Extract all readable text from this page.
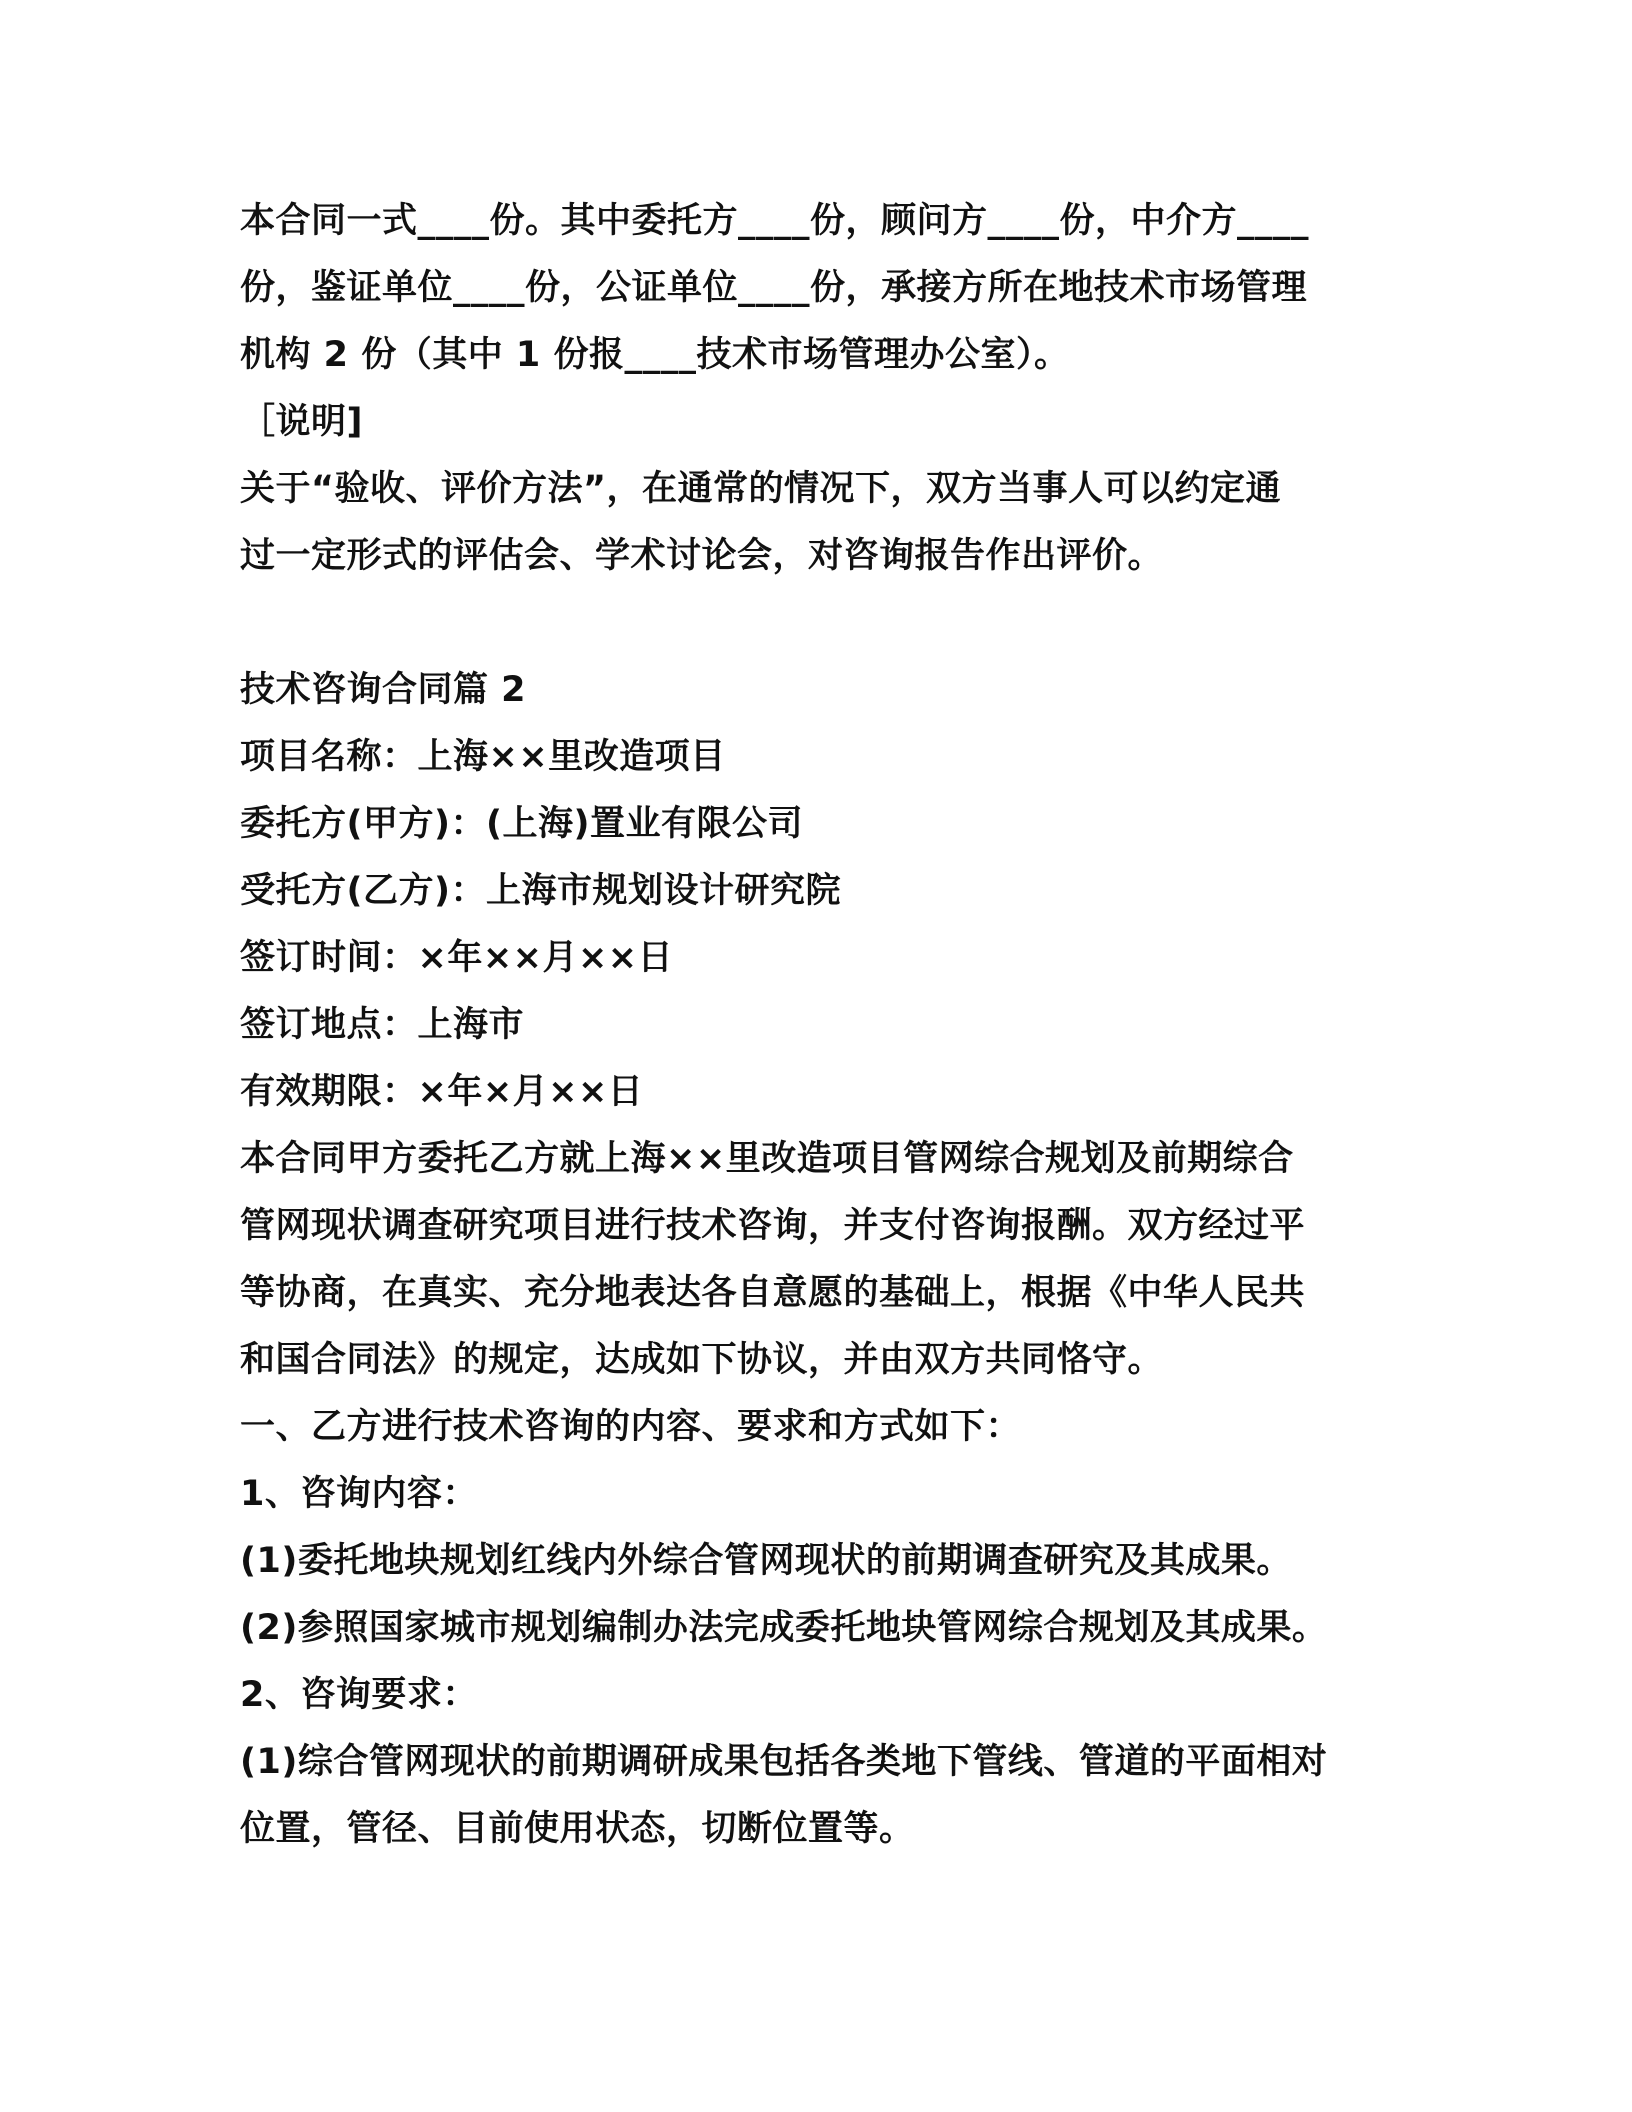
本合同一式____份。其中委托方____份，顾问方____份，中介方____
份，鉴证单位____份，公证单位____份，承接方所在地技术市场管理
机构 2 份（其中 1 份报____技术市场管理办公室）。
［说明]
关于“验收、评价方法”，在通常的情况下，双方当事人可以约定通
过一定形式的评估会、学术讨论会，对咨询报告作出评价。
技术咨询合同篇 2
项目名称：上海××里改造项目
委托方(甲方)：(上海)置业有限公司
受托方(乙方)：上海市规划设计研究院
签订时间：×年××月××日
签订地点：上海市
有效期限：×年×月××日
本合同甲方委托乙方就上海××里改造项目管网综合规划及前期综合
管网现状调查研究项目进行技术咨询，并支付咨询报酬。双方经过平
等协商，在真实、充分地表达各自意愿的基础上，根据《中华人民共
和国合同法》的规定，达成如下协议，并由双方共同恪守。
一、乙方进行技术咨询的内容、要求和方式如下：
1、咨询内容：
(1)委托地块规划红线内外综合管网现状的前期调查研究及其成果。
(2)参照国家城市规划编制办法完成委托地块管网综合规划及其成果。
2、咨询要求：
(1)综合管网现状的前期调研成果包括各类地下管线、管道的平面相对
位置，管径、目前使用状态，切断位置等。
